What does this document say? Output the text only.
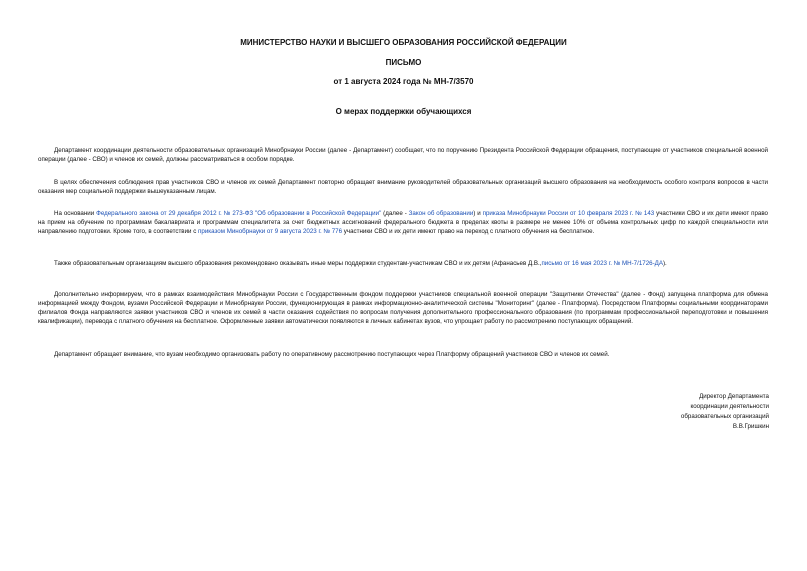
МИНИСТЕРСТВО НАУКИ И ВЫСШЕГО ОБРАЗОВАНИЯ РОССИЙСКОЙ ФЕДЕРАЦИИ
ПИСЬМО
от 1 августа 2024 года № МН-7/3570
О мерах поддержки обучающихся

Департамент координации деятельности образовательных организаций Минобрнауки России (далее - Департамент) сообщает, что по поручению Президента Российской Федерации обращения, поступающие от участников специальной военной операции (далее - СВО) и членов их семей, должны рассматриваться в особом порядке.

В целях обеспечения соблюдения прав участников СВО и членов их семей Департамент повторно обращает внимание руководителей образовательных организаций высшего образования на необходимость особого контроля вопросов в части оказания мер социальной поддержки вышеуказанным лицам.

На основании Федерального закона от 29 декабря 2012 г. № 273-ФЗ "Об образовании в Российской Федерации" (далее - Закон об образовании) и приказа Минобрнауки России от 10 февраля 2023 г. № 143 участники СВО и их дети имеют право на прием на обучение по программам бакалавриата и программам специалитета за счет бюджетных ассигнований федерального бюджета в пределах квоты в размере не менее 10% от объема контрольных цифр по каждой специальности или направлению подготовки. Кроме того, в соответствии с приказом Минобрнауки от 9 августа 2023 г. № 776 участники СВО и их дети имеют право на переход с платного обучения на бесплатное.

Также образовательным организациям высшего образования рекомендовано оказывать иные меры поддержки студентам-участникам СВО и их детям (Афанасьев Д.В.,письмо от 16 мая 2023 г. № МН-7/1726-ДА).

Дополнительно информируем, что в рамках взаимодействия Минобрнауки России с Государственным фондом поддержки участников специальной военной операции "Защитники Отечества" (далее - Фонд) запущена платформа для обмена информацией между Фондом, вузами Российской Федерации и Минобрнауки России, функционирующая в рамках информационно-аналитической системы "Мониторинг" (далее - Платформа). Посредством Платформы социальными координаторами филиалов Фонда направляются заявки участников СВО и членов их семей в части оказания содействия по вопросам получения дополнительного профессионального образования (по программам профессиональной переподготовки и повышения квалификации), перевода с платного обучения на бесплатное. Оформленные заявки автоматически появляются в личных кабинетах вузов, что упрощает работу по рассмотрению поступающих обращений.

Департамент обращает внимание, что вузам необходимо организовать работу по оперативному рассмотрению поступающих через Платформу обращений участников СВО и членов их семей.

Директор Департамента
координации деятельности
образовательных организаций
В.В.Гришкин
